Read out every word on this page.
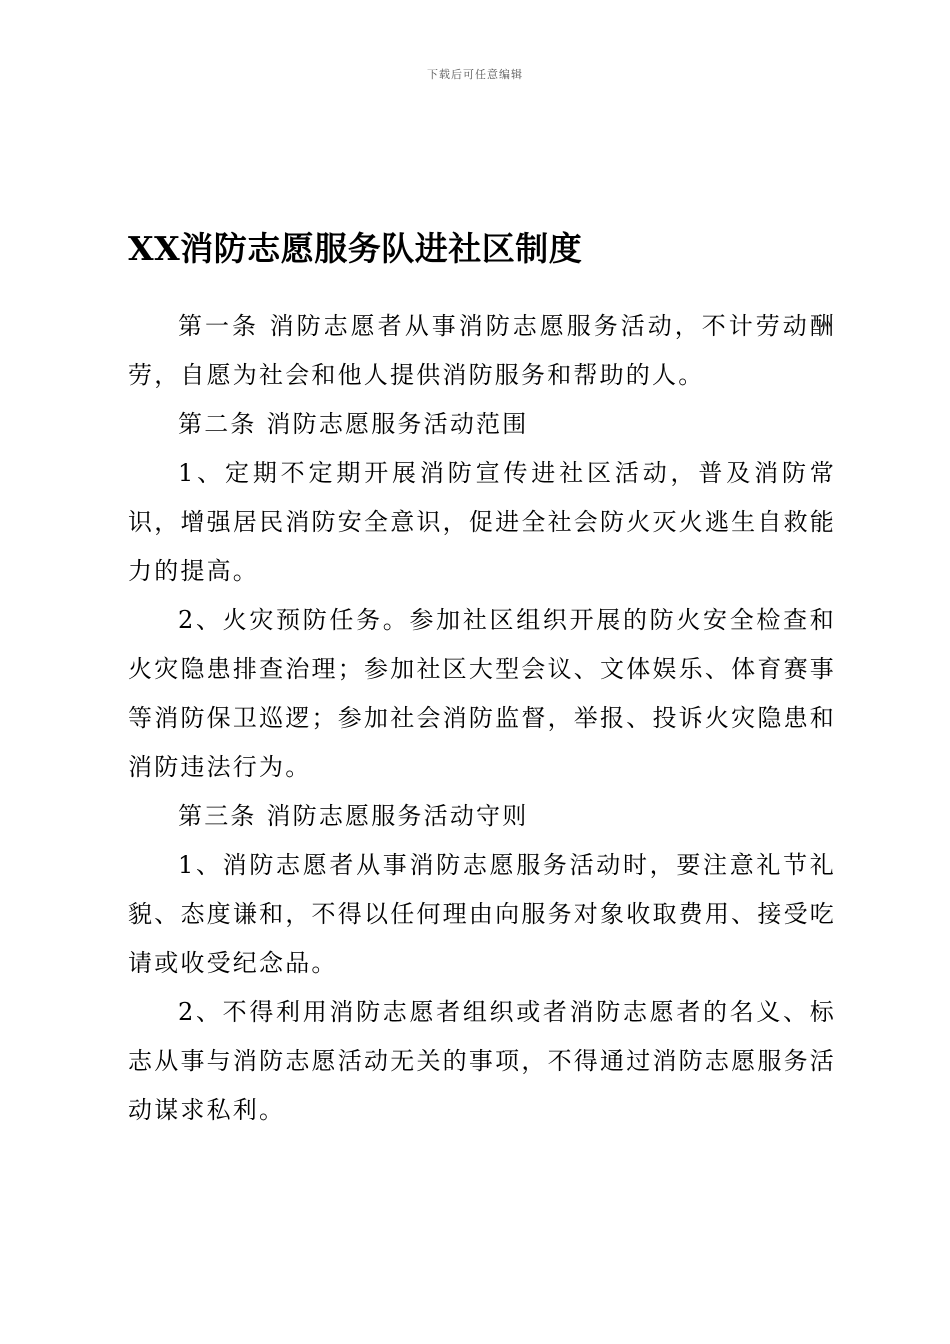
下载后可任意编辑
XX消防志愿服务队进社区制度

第一条 消防志愿者从事消防志愿服务活动，不计劳动酬劳，自愿为社会和他人提供消防服务和帮助的人。

第二条 消防志愿服务活动范围

1、定期不定期开展消防宣传进社区活动，普及消防常识，增强居民消防安全意识，促进全社会防火灭火逃生自救能力的提高。

2、火灾预防任务。参加社区组织开展的防火安全检查和火灾隐患排查治理；参加社区大型会议、文体娱乐、体育赛事等消防保卫巡逻；参加社会消防监督，举报、投诉火灾隐患和消防违法行为。

第三条 消防志愿服务活动守则

1、消防志愿者从事消防志愿服务活动时，要注意礼节礼貌、态度谦和，不得以任何理由向服务对象收取费用、接受吃请或收受纪念品。

2、不得利用消防志愿者组织或者消防志愿者的名义、标志从事与消防志愿活动无关的事项，不得通过消防志愿服务活动谋求私利。
